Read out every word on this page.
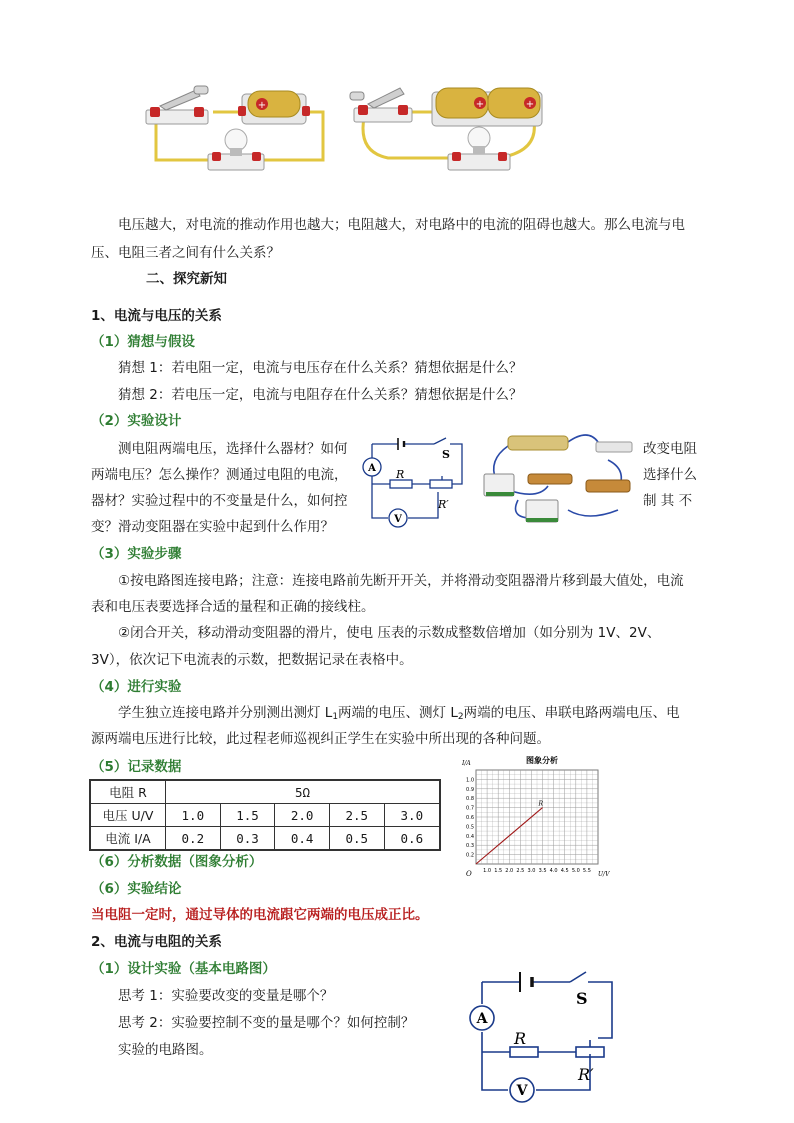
+	+	+
电压越大，对电流的推动作用也越大；电阻越大，对电路中的电流的阻碍也越大。那么电流与电
压、电阻三者之间有什么关系？
二、探究新知
1、电流与电压的关系
（1）猜想与假设
猜想 1：若电阻一定，电流与电压存在什么关系？猜想依据是什么？
猜想 2：若电压一定，电流与电阻存在什么关系？猜想依据是什么？
（2）实验设计
测电阻两端电压，选择什么器材？如何
两端电压？怎么操作？测通过电阻的电流，
器材？实验过程中的不变量是什么，如何控
变？滑动变阻器在实验中起到什么作用？
改变电阻
选择什么
制 其 不
A
V
S
R
R′
（3）实验步骤
①按电路图连接电路；注意：连接电路前先断开开关，并将滑动变阻器滑片移到最大值处，电流
表和电压表要选择合适的量程和正确的接线柱。
②闭合开关，移动滑动变阻器的滑片，使电 压表的示数成整数倍增加（如分别为 1V、2V、
3V），依次记下电流表的示数，把数据记录在表格中。
（4）进行实验
学生独立连接电路并分别测出测灯 $L_1$两端的电压、测灯 $L_2$两端的电压、串联电路两端电压、电
源两端电压进行比较，此过程老师巡视纠正学生在实验中所出现的各种问题。
（5）记录数据
电阻 R	5Ω				
电压 U/V	1.0	1.5	2.0	2.5	3.0
电流 I/A	0.2	0.3	0.4	0.5	0.6
图象分析
I/A
U/V
O 1.0 1.5 2.0 2.5 3.0 3.5 4.0 4.5 5.0 5.5
0.2
0.3
0.4
0.5
0.6
0.7
0.8
0.9
1.0
R
（6）分析数据（图象分析）
（6）实验结论
当电阻一定时，通过导体的电流跟它两端的电压成正比。
2、电流与电阻的关系
（1）设计实验（基本电路图）
思考 1：实验要改变的变量是哪个？
思考 2：实验要控制不变的量是哪个？如何控制？
实验的电路图。
A
V
S
R
R′
